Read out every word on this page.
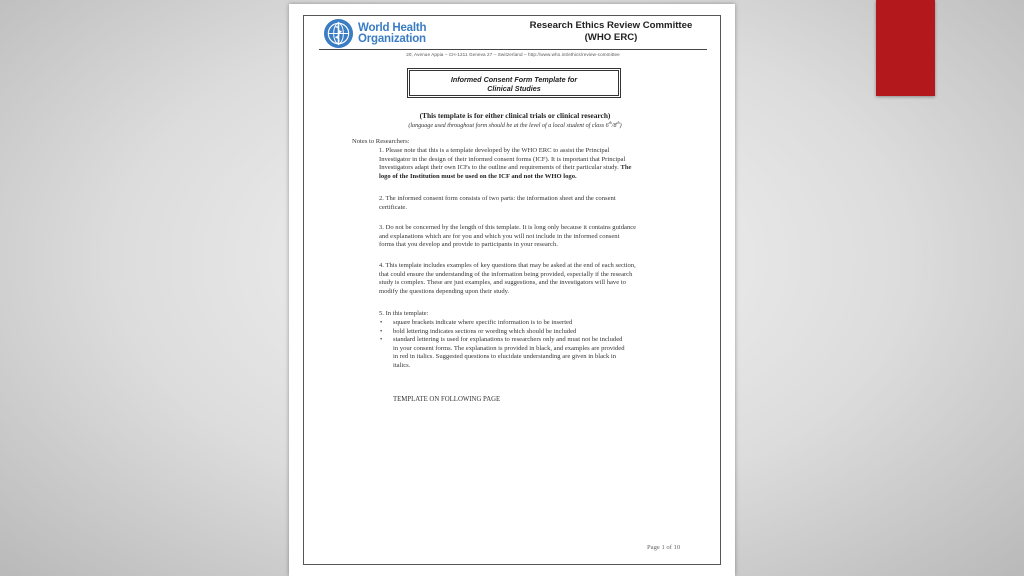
World Health
Organization
Research Ethics Review Committee
(WHO ERC)
20, Avenue Appia – CH-1211 Geneva 27 – Switzerland – http://www.who.int/ethics/review-committee
Informed Consent Form Template for
Clinical Studies
(This template is for either clinical trials or clinical research)
(language used throughout form should be at the level of a local student of class 6th/8th)
Notes to Researchers:
1. Please note that this is a template developed by the WHO ERC to assist the Principal
Investigator in the design of their informed consent forms (ICF). It is important that Principal
Investigators adapt their own ICFs to the outline and requirements of their particular study. The
logo of the Institution must be used on the ICF and not the WHO logo.
2. The informed consent form consists of two parts: the information sheet and the consent
certificate.
3. Do not be concerned by the length of this template. It is long only because it contains guidance
and explanations which are for you and which you will not include in the informed consent
forms that you develop and provide to participants in your research.
4. This template includes examples of key questions that may be asked at the end of each section,
that could ensure the understanding of the information being provided, especially if the research
study is complex. These are just examples, and suggestions, and the investigators will have to
modify the questions depending upon their study.
5. In this template:
• square brackets indicate where specific information is to be inserted
• bold lettering indicates sections or wording which should be included
• standard lettering is used for explanations to researchers only and must not be included
in your consent forms. The explanation is provided in black, and examples are provided
in red in italics. Suggested questions to elucidate understanding are given in black in
italics.
TEMPLATE ON FOLLOWING PAGE
Page 1 of 10
